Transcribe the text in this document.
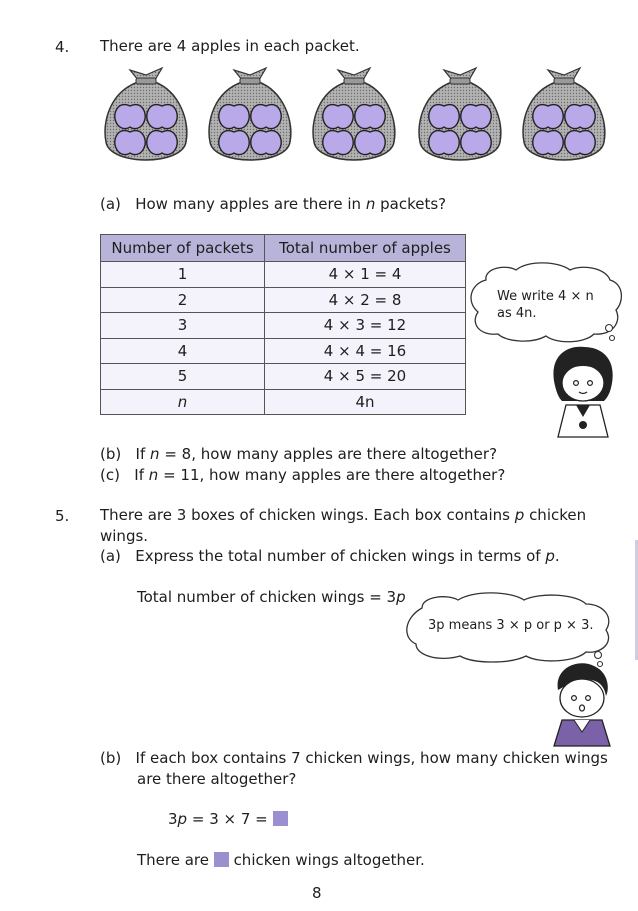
4. There are 4 apples in each packet.
(a) How many apples are there in n packets?
Number of packets	Total number of apples
1	4 × 1 = 4
2	4 × 2 = 8
3	4 × 3 = 12
4	4 × 4 = 16
5	4 × 5 = 20
n	4n
We write 4 × n
as 4n.
(b) If n = 8, how many apples are there altogether?
(c) If n = 11, how many apples are there altogether?
5. There are 3 boxes of chicken wings. Each box contains p chicken
wings.
(a) Express the total number of chicken wings in terms of p.
Total number of chicken wings = 3p
3p means 3 × p or p × 3.
(b) If each box contains 7 chicken wings, how many chicken wings
are there altogether?
3p = 3 × 7 =
There are chicken wings altogether.
8
